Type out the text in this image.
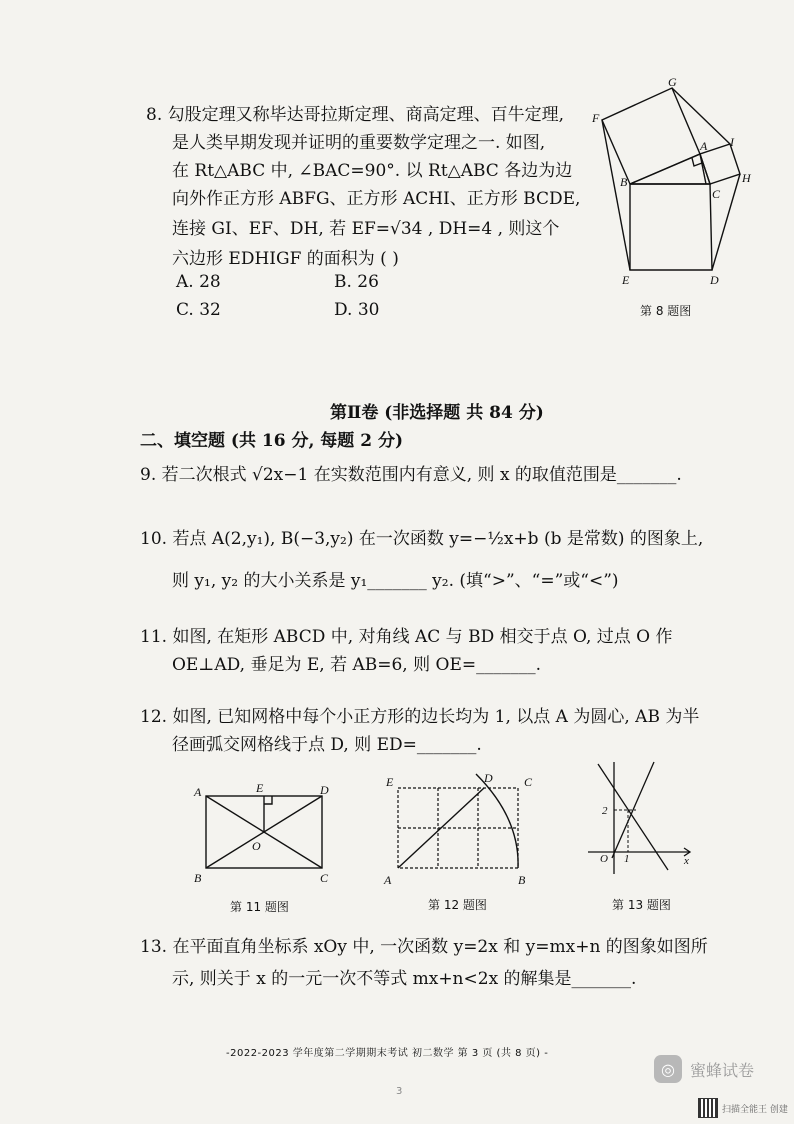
8. 勾股定理又称毕达哥拉斯定理、商高定理、百牛定理,
是人类早期发现并证明的重要数学定理之一. 如图,
在 Rt△ABC 中, ∠BAC=90°. 以 Rt△ABC 各边为边
向外作正方形 ABFG、正方形 ACHI、正方形 BCDE,
连接 GI、EF、DH, 若 EF=√34 , DH=4 , 则这个
六边形 EDHIGF 的面积为 ( )
A. 28	B. 26
C. 32	D. 30
G
F
A I
B
C
H
E	D
第 8 题图
第Ⅱ卷 (非选择题 共 84 分)
二、填空题 (共 16 分, 每题 2 分)
9. 若二次根式 √2x−1 在实数范围内有意义, 则 x 的取值范围是_______.
10. 若点 A(2,y₁), B(−3,y₂) 在一次函数 y=−½x+b (b 是常数) 的图象上,
则 y₁, y₂ 的大小关系是 y₁_______ y₂. (填“>”、“=”或“<”)
11. 如图, 在矩形 ABCD 中, 对角线 AC 与 BD 相交于点 O, 过点 O 作
OE⊥AD, 垂足为 E, 若 AB=6, 则 OE=_______.
12. 如图, 已知网格中每个小正方形的边长均为 1, 以点 A 为圆心, AB 为半
径画弧交网格线于点 D, 则 ED=_______.
A	E	D
O
B	C
第 11 题图
E	D	C
A	B
第 12 题图
2
O 1	x
第 13 题图
13. 在平面直角坐标系 xOy 中, 一次函数 y=2x 和 y=mx+n 的图象如图所
示, 则关于 x 的一元一次不等式 mx+n<2x 的解集是_______.
-2022-2023 学年度第二学期期末考试 初二数学 第 3 页 (共 8 页) -
3
◎ 蜜蜂试卷
扫描全能王 创建
